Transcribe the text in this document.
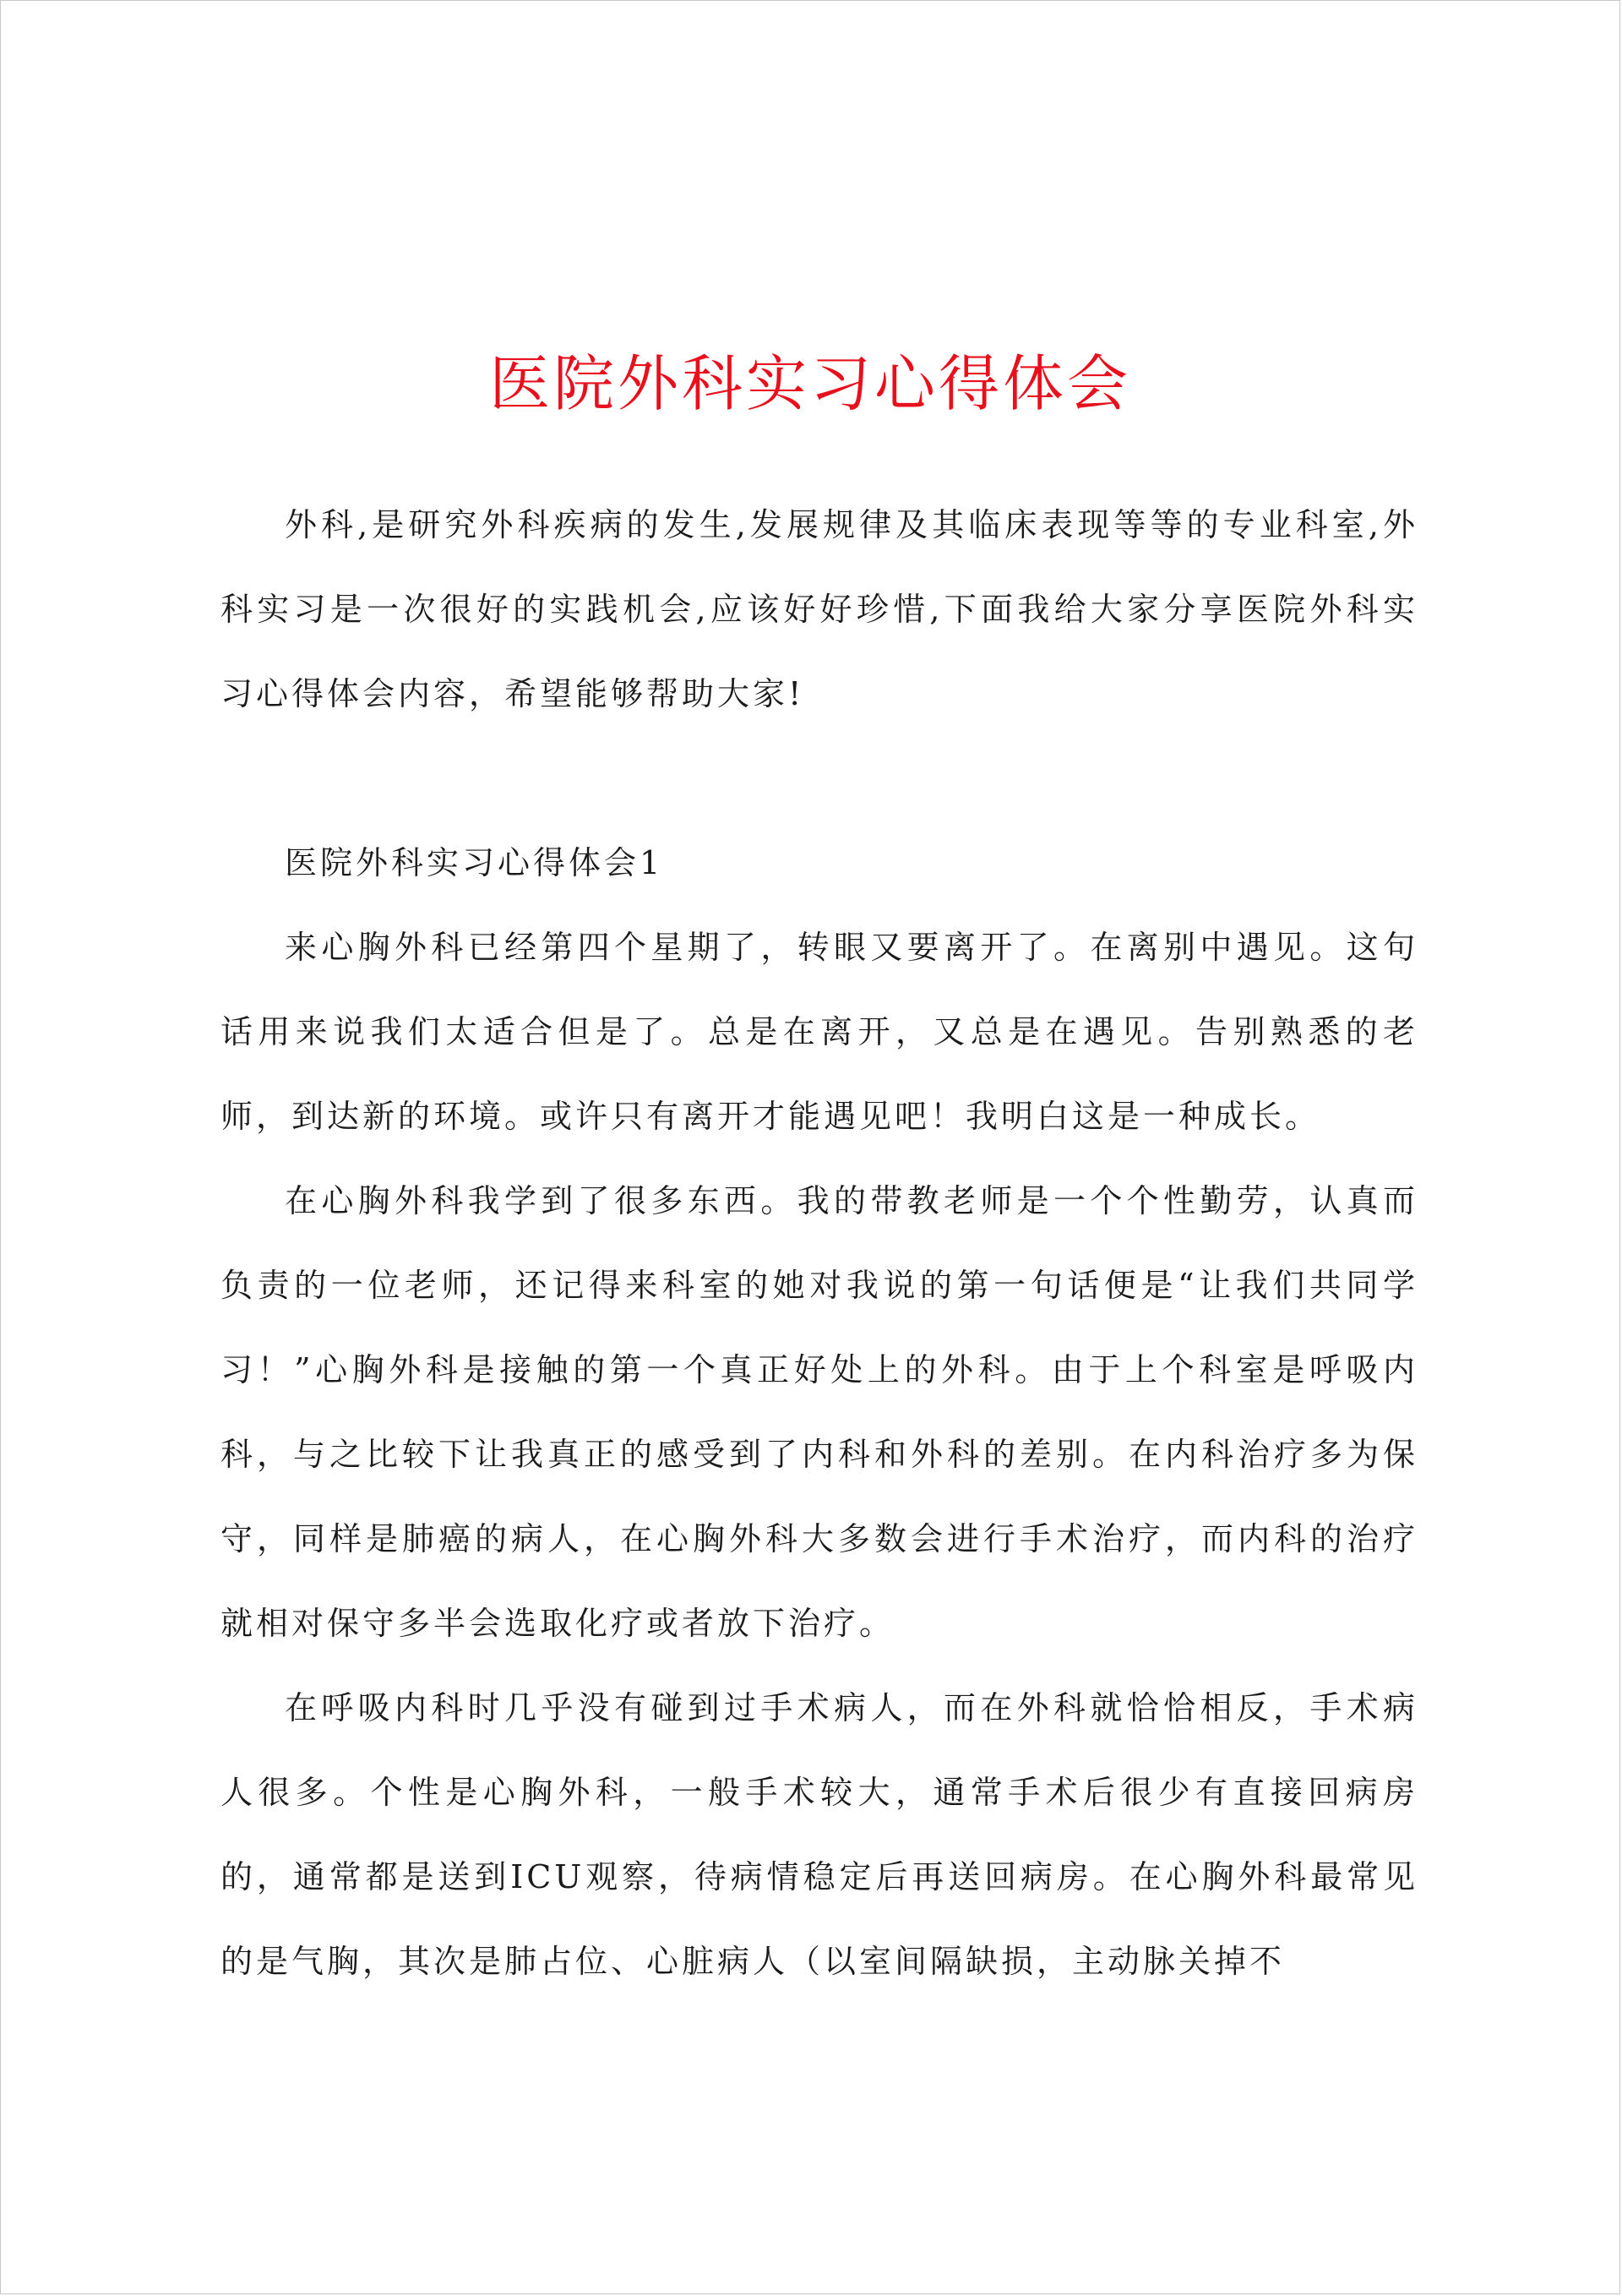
医院外科实习心得体会

外科,是研究外科疾病的发生,发展规律及其临床表现等等的专业科室,外科实习是一次很好的实践机会,应该好好珍惜,下面我给大家分享医院外科实习心得体会内容，希望能够帮助大家!

医院外科实习心得体会1

来心胸外科已经第四个星期了，转眼又要离开了。在离别中遇见。这句话用来说我们太适合但是了。总是在离开，又总是在遇见。告别熟悉的老师，到达新的环境。或许只有离开才能遇见吧！我明白这是一种成长。

在心胸外科我学到了很多东西。我的带教老师是一个个性勤劳，认真而负责的一位老师，还记得来科室的她对我说的第一句话便是“让我们共同学习！”心胸外科是接触的第一个真正好处上的外科。由于上个科室是呼吸内科，与之比较下让我真正的感受到了内科和外科的差别。在内科治疗多为保守，同样是肺癌的病人，在心胸外科大多数会进行手术治疗，而内科的治疗就相对保守多半会选取化疗或者放下治疗。

在呼吸内科时几乎没有碰到过手术病人，而在外科就恰恰相反，手术病人很多。个性是心胸外科，一般手术较大，通常手术后很少有直接回病房的，通常都是送到ICU观察，待病情稳定后再送回病房。在心胸外科最常见的是气胸，其次是肺占位、心脏病人（以室间隔缺损，主动脉关掉不
